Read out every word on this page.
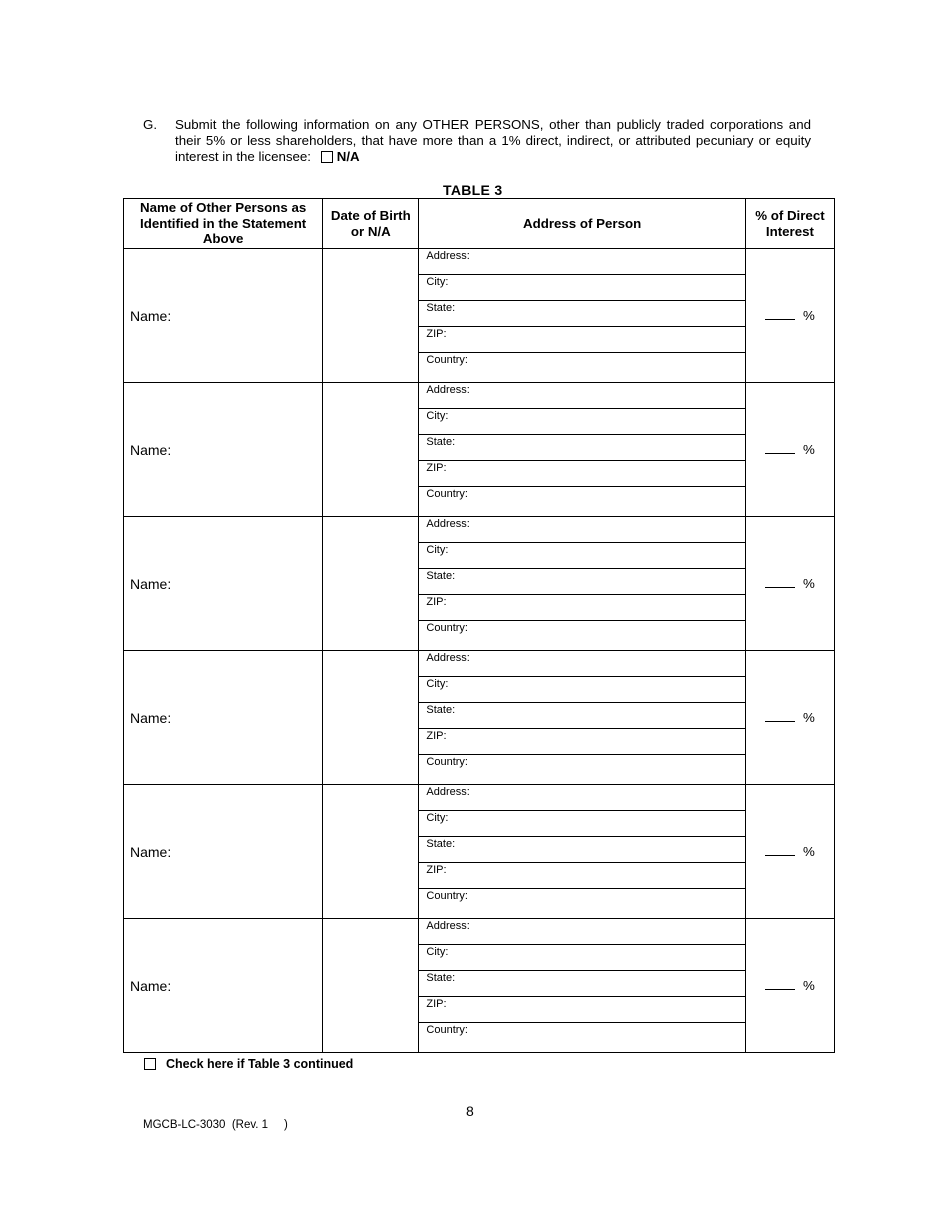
G. Submit the following information on any OTHER PERSONS, other than publicly traded corporations and their 5% or less shareholders, that have more than a 1% direct, indirect, or attributed pecuniary or equity interest in the licensee: N/A
TABLE 3
Name of Other Persons as Identified in the Statement Above	Date of Birth or N/A	Address of Person	% of Direct Interest
Name:		Address:
City:
State:
ZIP:
Country:	%
Name:		Address:
City:
State:
ZIP:
Country:	%
Name:		Address:
City:
State:
ZIP:
Country:	%
Name:		Address:
City:
State:
ZIP:
Country:	%
Name:		Address:
City:
State:
ZIP:
Country:	%
Name:		Address:
City:
State:
ZIP:
Country:	%
Check here if Table 3 continued
8
MGCB-LC-3030  (Rev. 1     )
